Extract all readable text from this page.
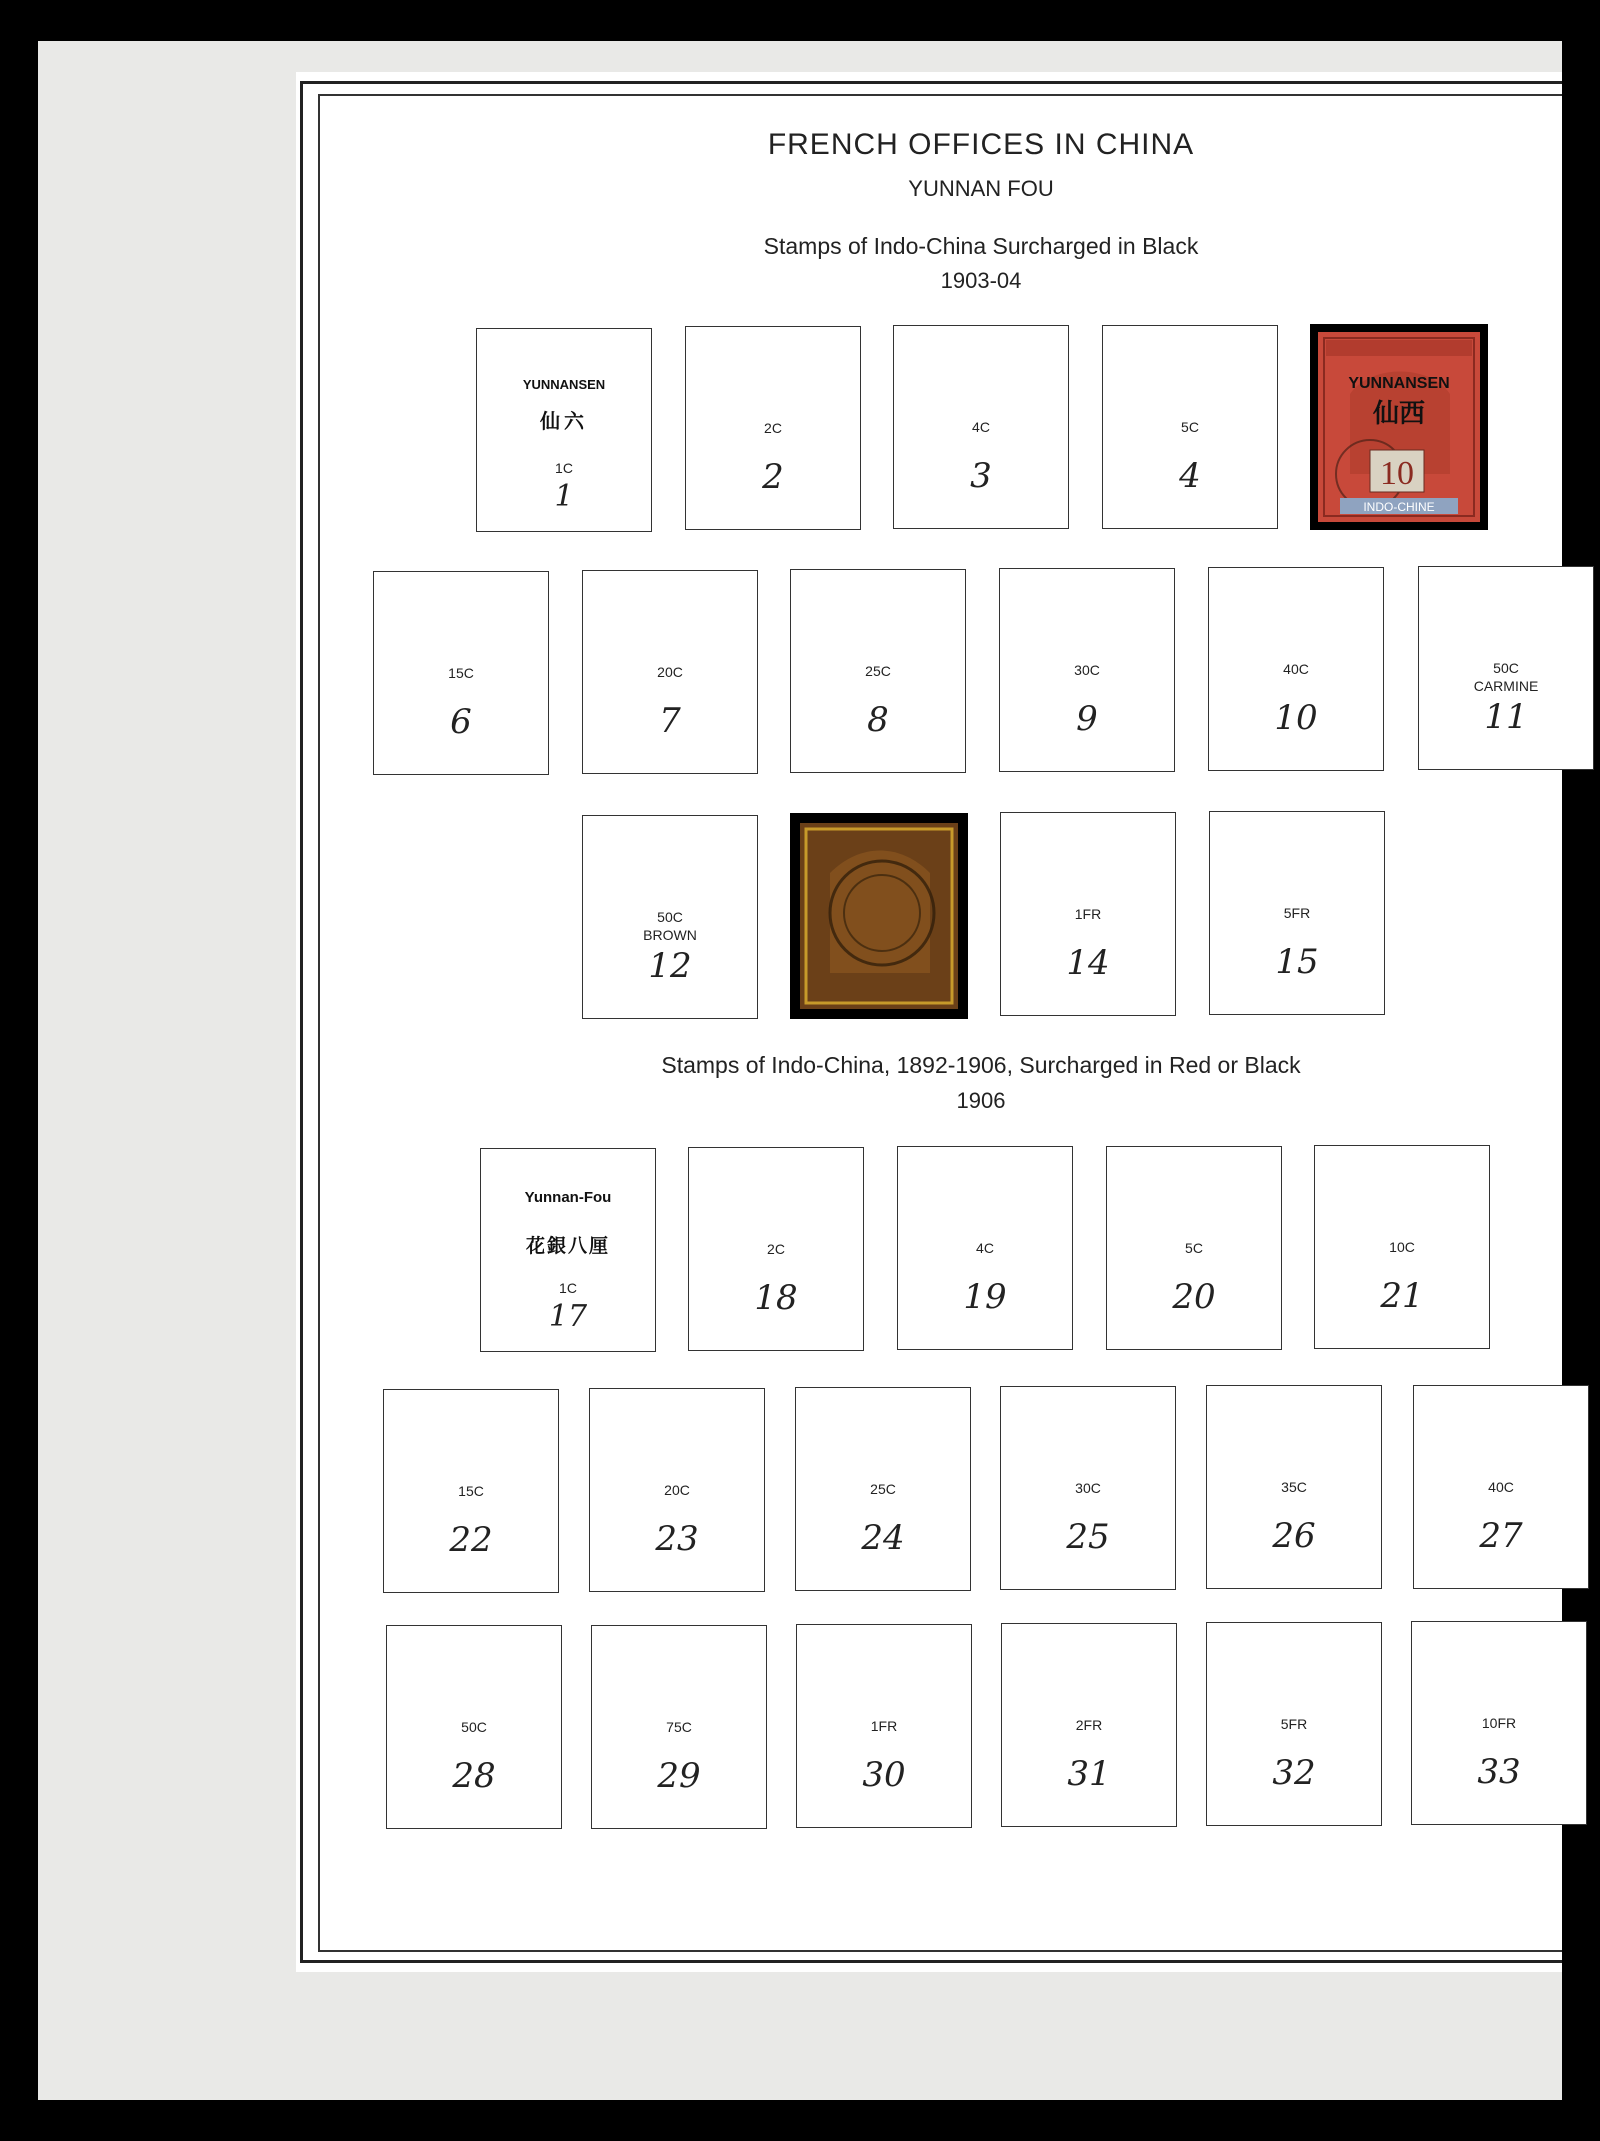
FRENCH OFFICES IN CHINA
YUNNAN FOU
Stamps of Indo-China Surcharged in Black
1903-04
Stamps of Indo-China, 1892-1906, Surcharged in Red or Black
1906
YUNNANSEN
仙六
1C
1
2C
2
4C
3
5C
4
YUNNANSEN
仙西
10
INDO-CHINE
15C
6
20C
7
25C
8
30C
9
40C
10
50C
CARMINE
11
50C
BROWN
12
1FR
14
5FR
15
Yunnan-Fou
花銀八厘
1C
17
2C
18
4C
19
5C
20
10C
21
15C
22
20C
23
25C
24
30C
25
35C
26
40C
27
50C
28
75C
29
1FR
30
2FR
31
5FR
32
10FR
33
